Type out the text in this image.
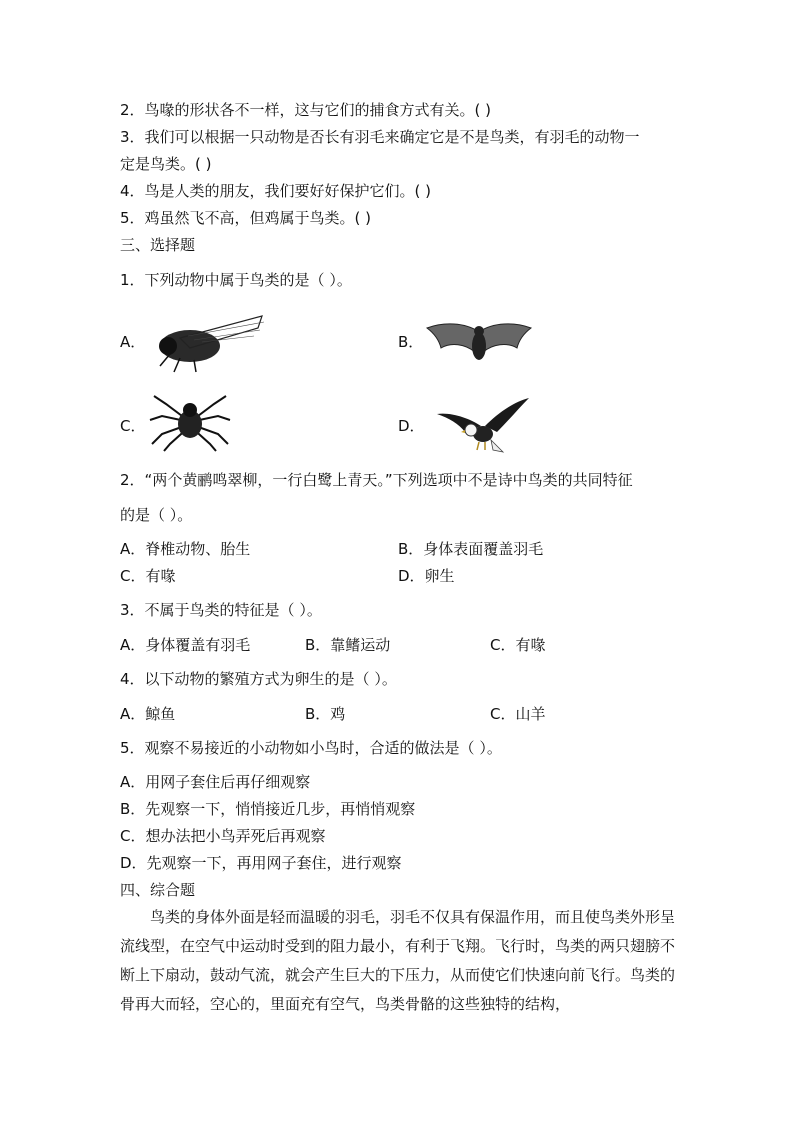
2．鸟喙的形状各不一样，这与它们的捕食方式有关。( )
3．我们可以根据一只动物是否长有羽毛来确定它是不是鸟类，有羽毛的动物一
定是鸟类。( )
4．鸟是人类的朋友，我们要好好保护它们。( )
5．鸡虽然飞不高，但鸡属于鸟类。( )
三、选择题
1．下列动物中属于鸟类的是（ ）。
A．	B．
C．	D．
2．“两个黄鹂鸣翠柳，一行白鹭上青天。”下列选项中不是诗中鸟类的共同特征
的是（ ）。
A．脊椎动物、胎生	B．身体表面覆盖羽毛
C．有喙	D．卵生
3．不属于鸟类的特征是（ ）。
A．身体覆盖有羽毛	B．靠鳍运动	C．有喙
4．以下动物的繁殖方式为卵生的是（ ）。
A．鲸鱼	B．鸡	C．山羊
5．观察不易接近的小动物如小鸟时，合适的做法是（ ）。
A．用网子套住后再仔细观察
B．先观察一下，悄悄接近几步，再悄悄观察
C．想办法把小鸟弄死后再观察
D．先观察一下，再用网子套住，进行观察
四、综合题
鸟类的身体外面是轻而温暖的羽毛，羽毛不仅具有保温作用，而且使鸟类外形呈流线型，在空气中运动时受到的阻力最小，有利于飞翔。飞行时，鸟类的两只翅膀不断上下扇动，鼓动气流，就会产生巨大的下压力，从而使它们快速向前飞行。鸟类的骨再大而轻，空心的，里面充有空气，鸟类骨骼的这些独特的结构，
